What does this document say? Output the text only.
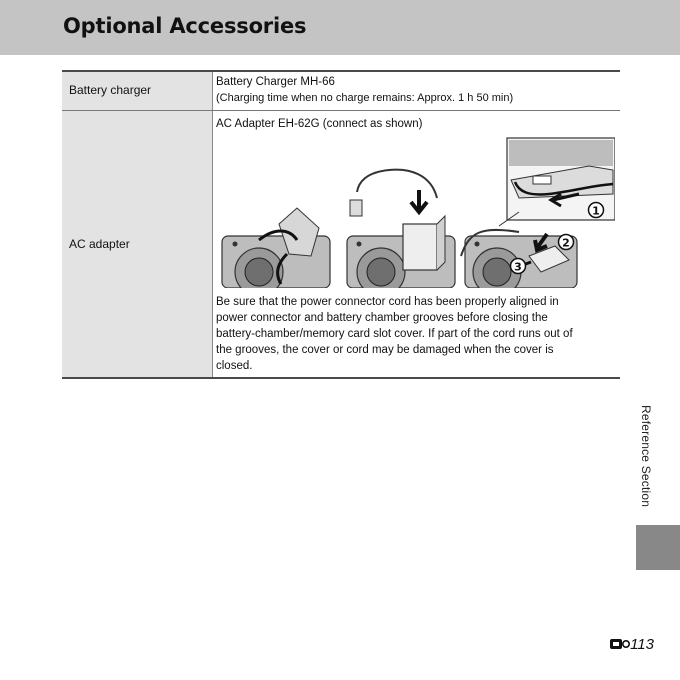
Optional Accessories
Battery charger
Battery Charger MH-66
(Charging time when no charge remains: Approx. 1 h 50 min)
AC adapter
AC Adapter EH-62G (connect as shown)
1
2
3
Be sure that the power connector cord has been properly aligned in
power connector and battery chamber grooves before closing the
battery-chamber/memory card slot cover. If part of the cord runs out of
the grooves, the cover or cord may be damaged when the cover is
closed.
Reference Section
113
